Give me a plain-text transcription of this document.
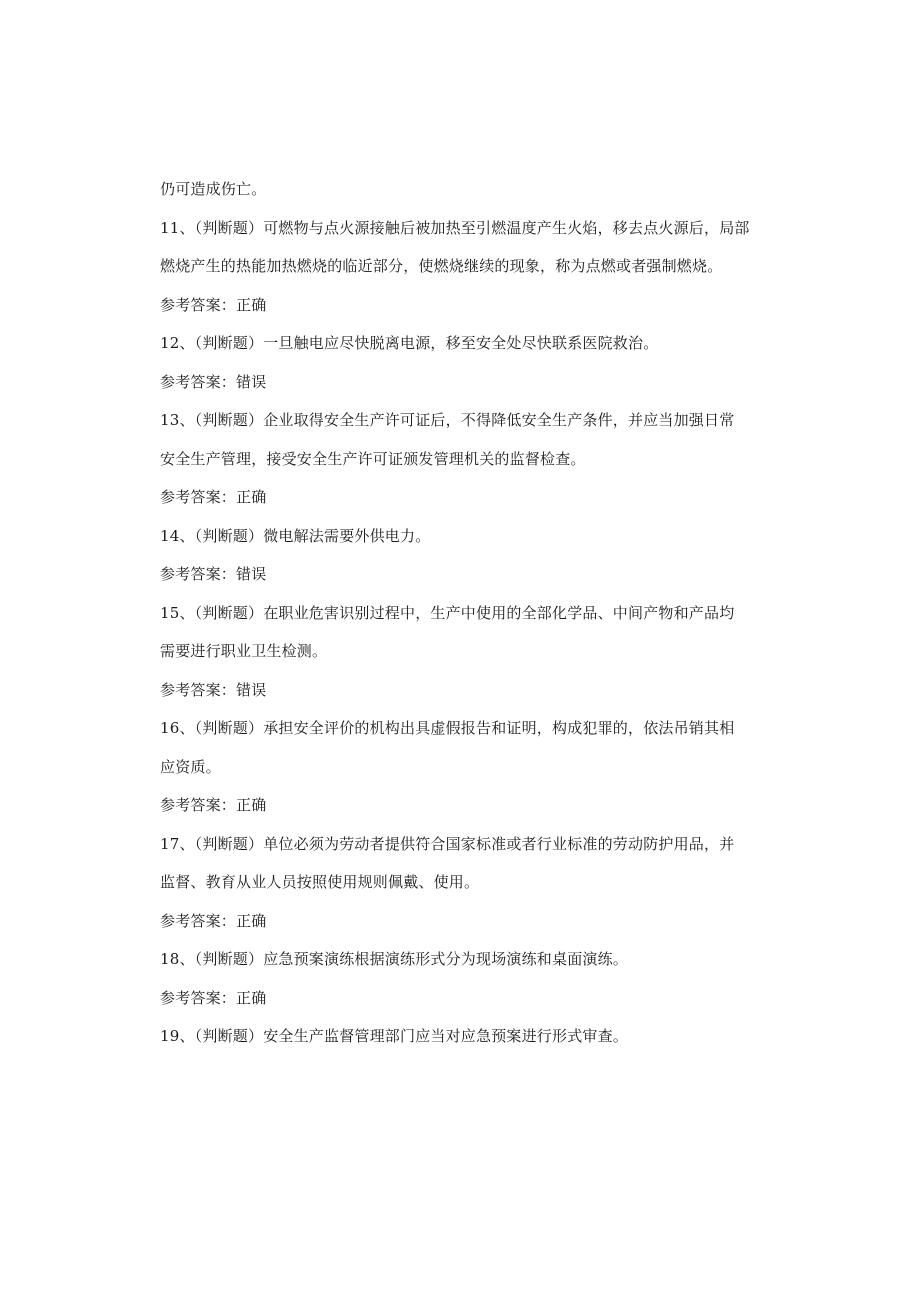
仍可造成伤亡。
11、（判断题）可燃物与点火源接触后被加热至引燃温度产生火焰，移去点火源后，局部
燃烧产生的热能加热燃烧的临近部分，使燃烧继续的现象，称为点燃或者强制燃烧。
参考答案：正确
12、（判断题）一旦触电应尽快脱离电源，移至安全处尽快联系医院救治。
参考答案：错误
13、（判断题）企业取得安全生产许可证后，不得降低安全生产条件，并应当加强日常
安全生产管理，接受安全生产许可证颁发管理机关的监督检查。
参考答案：正确
14、（判断题）微电解法需要外供电力。
参考答案：错误
15、（判断题）在职业危害识别过程中，生产中使用的全部化学品、中间产物和产品均
需要进行职业卫生检测。
参考答案：错误
16、（判断题）承担安全评价的机构出具虚假报告和证明，构成犯罪的，依法吊销其相
应资质。
参考答案：正确
17、（判断题）单位必须为劳动者提供符合国家标准或者行业标准的劳动防护用品，并
监督、教育从业人员按照使用规则佩戴、使用。
参考答案：正确
18、（判断题）应急预案演练根据演练形式分为现场演练和桌面演练。
参考答案：正确
19、（判断题）安全生产监督管理部门应当对应急预案进行形式审查。
